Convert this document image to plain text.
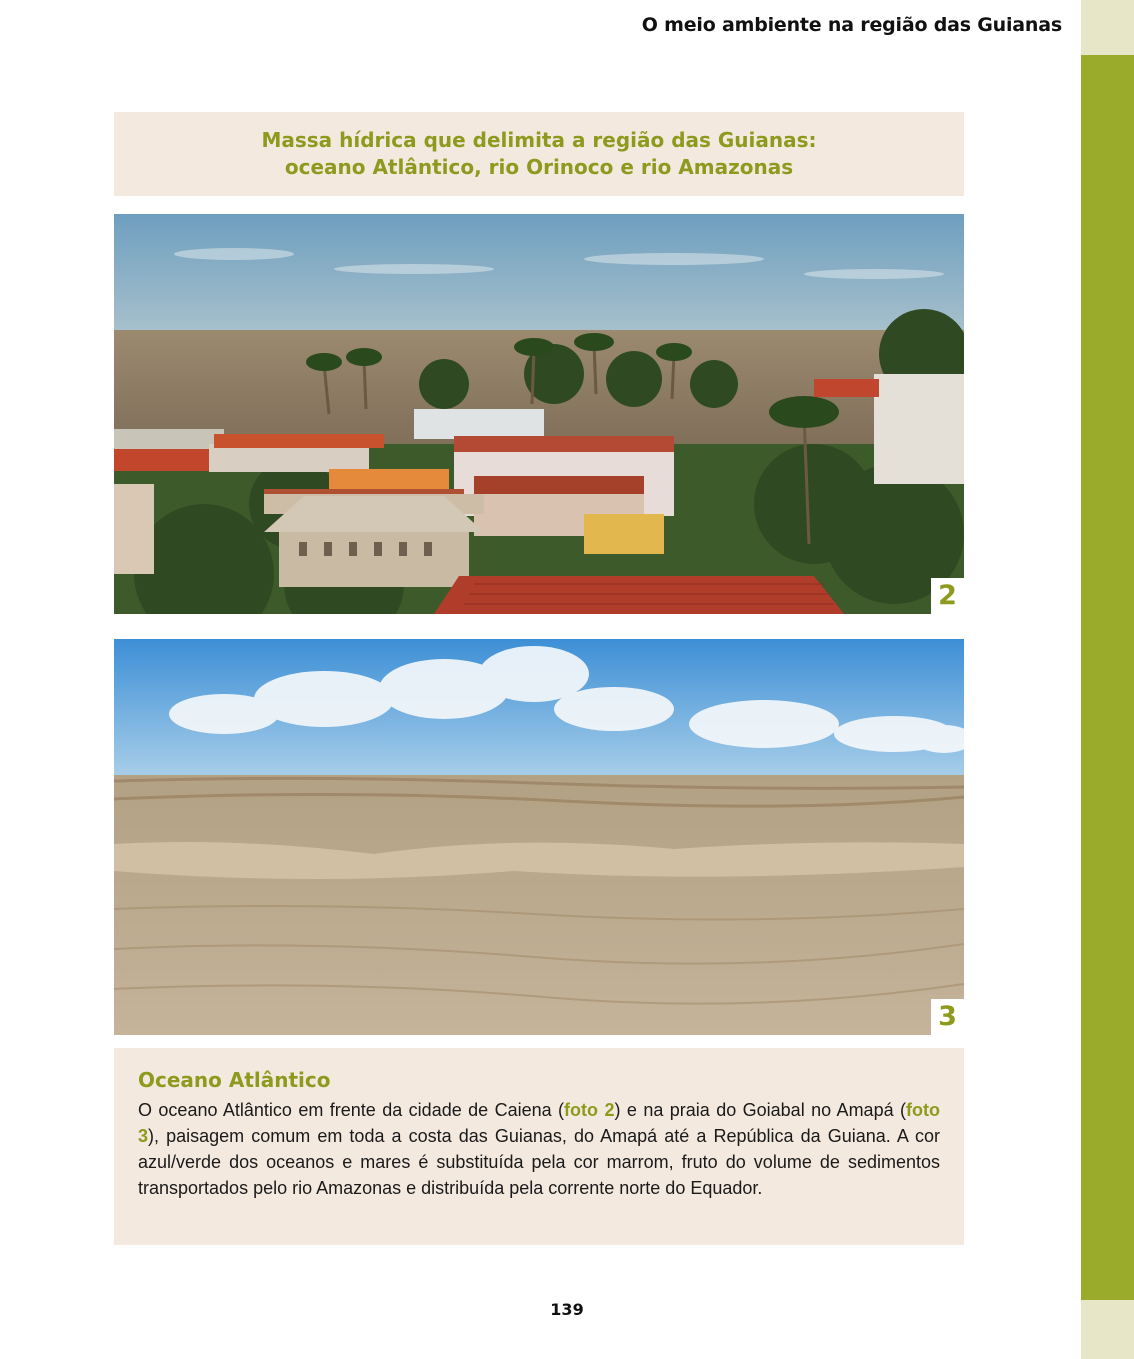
O meio ambiente na região das Guianas
Massa hídrica que delimita a região das Guianas:
oceano Atlântico, rio Orinoco e rio Amazonas
2
3
Oceano Atlântico

O oceano Atlântico em frente da cidade de Caiena (foto 2) e na praia do Goiabal no Amapá (foto 3), paisagem comum em toda a costa das Guianas, do Amapá até a República da Guiana. A cor azul/verde dos oceanos e mares é substituída pela cor marrom, fruto do volume de sedimentos transportados pelo rio Amazonas e distribuída pela corrente norte do Equador.

139
